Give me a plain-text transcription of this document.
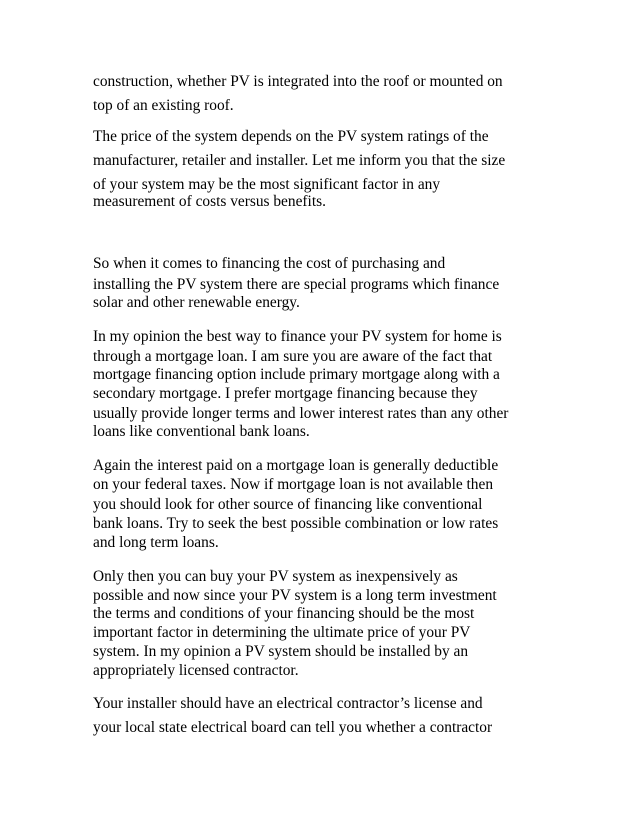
construction, whether PV is integrated into the roof or mounted on

top of an existing roof.

The price of the system depends on the PV system ratings of the

manufacturer, retailer and installer. Let me inform you that the size

of your system may be the most significant factor in any

measurement of costs versus benefits.

So when it comes to financing the cost of purchasing and

installing the PV system there are special programs which finance

solar and other renewable energy.

In my opinion the best way to finance your PV system for home is

through a mortgage loan. I am sure you are aware of the fact that

mortgage financing option include primary mortgage along with a

secondary mortgage. I prefer mortgage financing because they

usually provide longer terms and lower interest rates than any other

loans like conventional bank loans.

Again the interest paid on a mortgage loan is generally deductible

on your federal taxes. Now if mortgage loan is not available then

you should look for other source of financing like conventional

bank loans. Try to seek the best possible combination or low rates

and long term loans.

Only then you can buy your PV system as inexpensively as

possible and now since your PV system is a long term investment

the terms and conditions of your financing should be the most

important factor in determining the ultimate price of your PV

system. In my opinion a PV system should be installed by an

appropriately licensed contractor.

Your installer should have an electrical contractor’s license and

your local state electrical board can tell you whether a contractor
